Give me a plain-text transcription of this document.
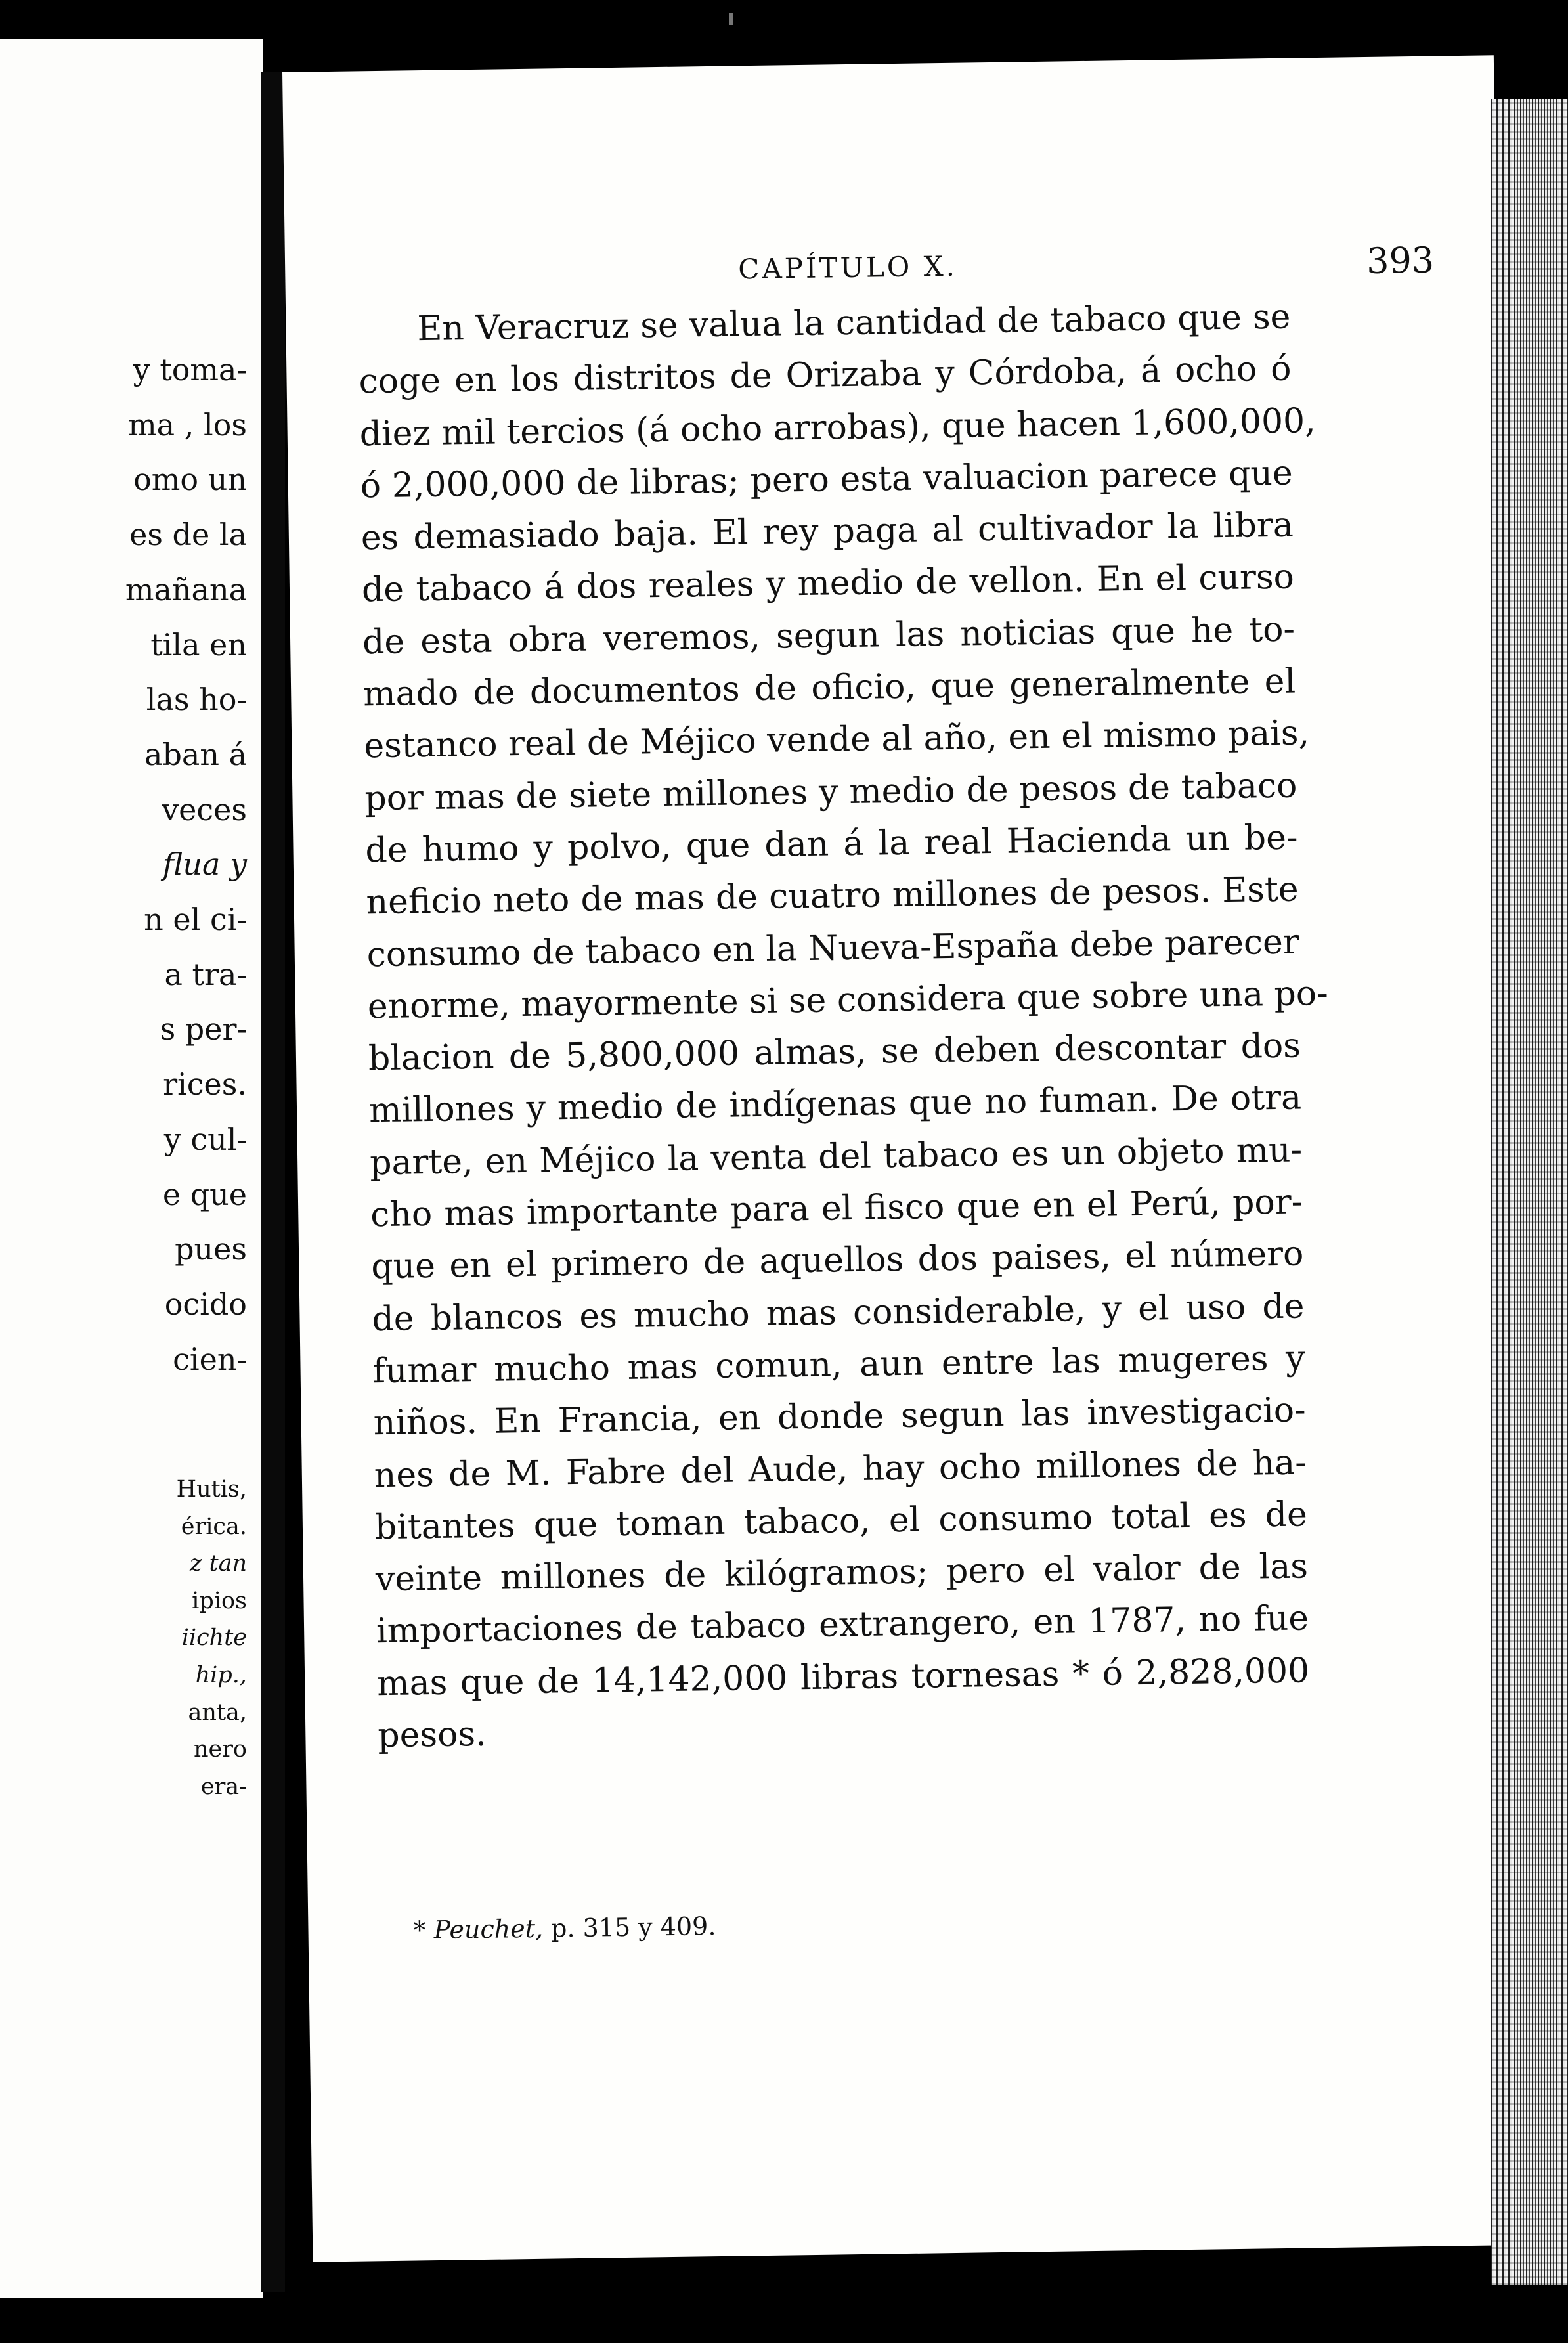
y toma-
ma , los
omo un
es de la
mañana
tila en
las ho-
aban á
veces
flua y
n el ci-
a tra-
s per-
rices.
y cul-
e que
pues
ocido
cien-
Hutis,
érica.
z tan
ipios
iichte
hip.,
anta,
nero
era-
CAPÍTULO X.	393
En Veracruz se valua la cantidad de tabaco que se
coge en los distritos de Orizaba y Córdoba, á ocho ó
diez mil tercios (á ocho arrobas), que hacen 1,600,000,
ó 2,000,000 de libras; pero esta valuacion parece que
es demasiado baja. El rey paga al cultivador la libra
de tabaco á dos reales y medio de vellon. En el curso
de esta obra veremos, segun las noticias que he to-
mado de documentos de oficio, que generalmente el
estanco real de Méjico vende al año, en el mismo pais,
por mas de siete millones y medio de pesos de tabaco
de humo y polvo, que dan á la real Hacienda un be-
neficio neto de mas de cuatro millones de pesos. Este
consumo de tabaco en la Nueva-España debe parecer
enorme, mayormente si se considera que sobre una po-
blacion de 5,800,000 almas, se deben descontar dos
millones y medio de indígenas que no fuman. De otra
parte, en Méjico la venta del tabaco es un objeto mu-
cho mas importante para el fisco que en el Perú, por-
que en el primero de aquellos dos paises, el número
de blancos es mucho mas considerable, y el uso de
fumar mucho mas comun, aun entre las mugeres y
niños. En Francia, en donde segun las investigacio-
nes de M. Fabre del Aude, hay ocho millones de ha-
bitantes que toman tabaco, el consumo total es de
veinte millones de kilógramos; pero el valor de las
importaciones de tabaco extrangero, en 1787, no fue
mas que de 14,142,000 libras tornesas * ó 2,828,000
pesos.
* Peuchet, p. 315 y 409.
